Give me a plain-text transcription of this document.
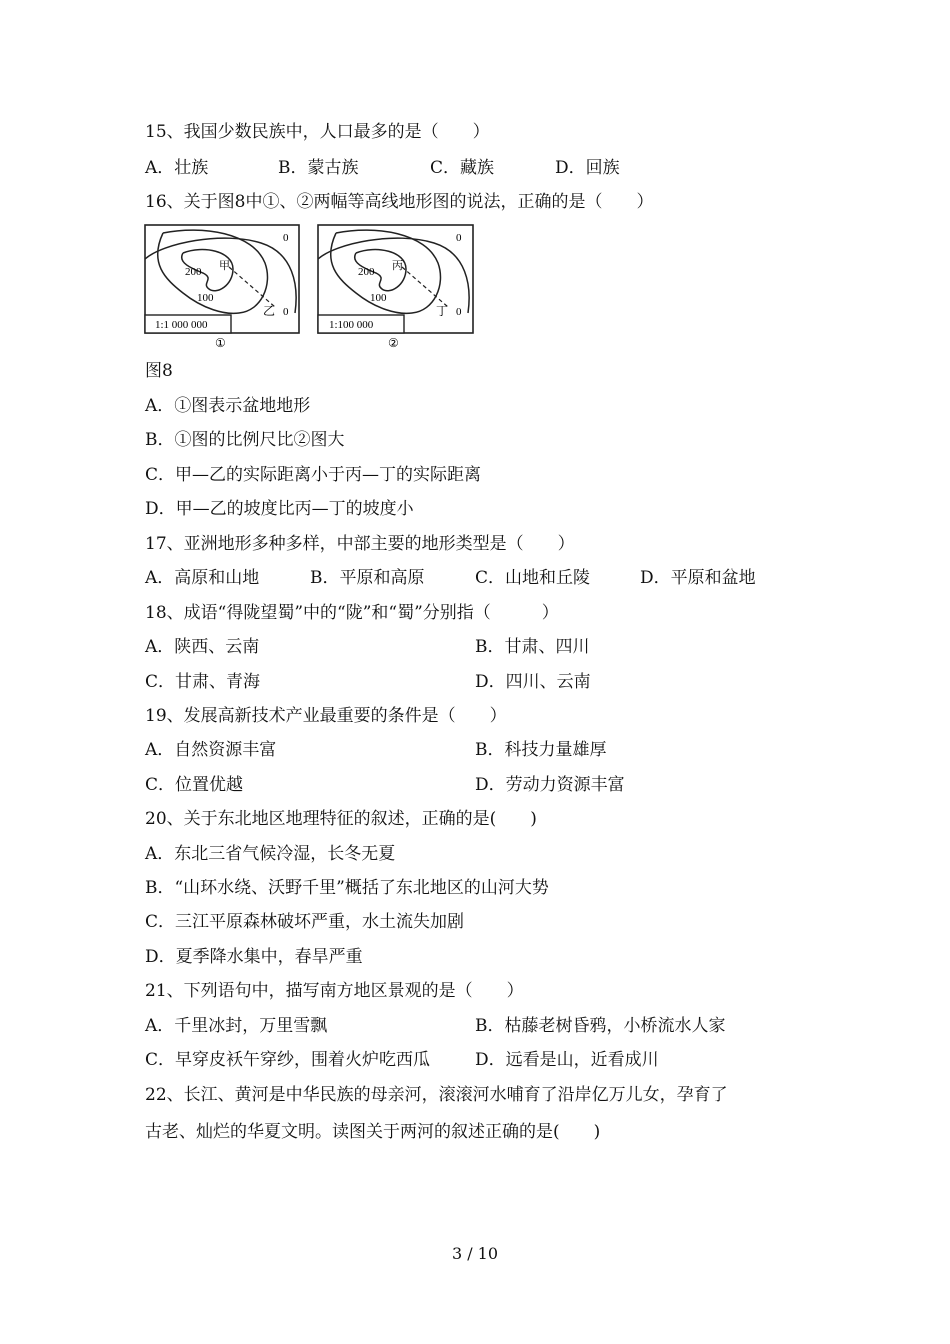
15、我国少数民族中，人口最多的是（　　）
A．壮族	B．蒙古族	C．藏族	D．回族
16、关于图8中①、②两幅等高线地形图的说法，正确的是（　　）
1:1 000 000
0
0
100
200 甲
乙
①
1:100 000
0
0
100
200 丙
丁
②
图8
A．①图表示盆地地形
B．①图的比例尺比②图大
C．甲—乙的实际距离小于丙—丁的实际距离
D．甲—乙的坡度比丙—丁的坡度小
17、亚洲地形多种多样，中部主要的地形类型是（　　）
A．高原和山地	B．平原和高原	C．山地和丘陵	D．平原和盆地
18、成语“得陇望蜀”中的“陇”和“蜀”分别指（　　　）
A．陕西、云南	B．甘肃、四川
C．甘肃、青海	D．四川、云南
19、发展高新技术产业最重要的条件是（　　）
A．自然资源丰富	B．科技力量雄厚
C．位置优越	D．劳动力资源丰富
20、关于东北地区地理特征的叙述，正确的是(　　)
A．东北三省气候冷湿，长冬无夏
B．“山环水绕、沃野千里”概括了东北地区的山河大势
C．三江平原森林破坏严重，水土流失加剧
D．夏季降水集中，春旱严重
21、下列语句中，描写南方地区景观的是（　　）
A．千里冰封，万里雪飘	B．枯藤老树昏鸦，小桥流水人家
C．早穿皮袄午穿纱，围着火炉吃西瓜	D．远看是山，近看成川
22、长江、黄河是中华民族的母亲河，滚滚河水哺育了沿岸亿万儿女，孕育了
古老、灿烂的华夏文明。读图关于两河的叙述正确的是(　　)
3 / 10
